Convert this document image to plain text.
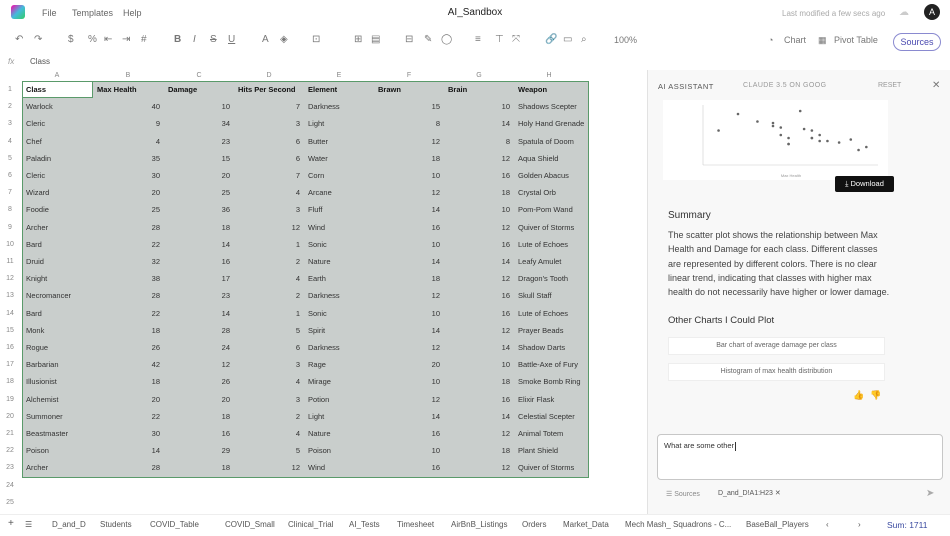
File Templates Help	AI_Sandbox	Last modified a few secs ago ☁	A
↶ ↷	$ % ⇤ ⇥ #	B I S U	A ◈ ⊡	⊞ ▤ ⊟ ✎ ◯ ≡ ⊤ ⤧	🔗 ▭ ⌕	100%	◔ Chart ▦ Pivot Table	Sources
fx Class
A	B	C	D	E	F	G	H
1
2
3
4
5
6
7
8
9
10
11
12
13
14
15
16
17
18
19
20
21
22
23
24
25
Class	Max Health	Damage	Hits Per Second	Element	Brawn	Brain	Weapon
Warlock	40	10	7 Darkness	15	10 Shadows Scepter
Cleric	9	34	3 Light	8	14 Holy Hand Grenade
Chef	4	23	6 Butter	12	8 Spatula of Doom
Paladin	35	15	6 Water	18	12 Aqua Shield
Cleric	30	20	7 Corn	10	16 Golden Abacus
Wizard	20	25	4 Arcane	12	18 Crystal Orb
Foodie	25	36	3 Fluff	14	10 Pom-Pom Wand
Archer	28	18	12 Wind	16	12 Quiver of Storms
Bard	22	14	1 Sonic	10	16 Lute of Echoes
Druid	32	16	2 Nature	14	14 Leafy Amulet
Knight	38	17	4 Earth	18	12 Dragon's Tooth
Necromancer	28	23	2 Darkness	12	16 Skull Staff
Bard	22	14	1 Sonic	10	16 Lute of Echoes
Monk	18	28	5 Spirit	14	12 Prayer Beads
Rogue	26	24	6 Darkness	12	14 Shadow Darts
Barbarian	42	12	3 Rage	20	10 Battle-Axe of Fury
Illusionist	18	26	4 Mirage	10	18 Smoke Bomb Ring
Alchemist	20	20	3 Potion	12	16 Elixir Flask
Summoner	22	18	2 Light	14	14 Celestial Scepter
Beastmaster	30	16	4 Nature	16	12 Animal Totem
Poison	14	29	5 Poison	10	18 Plant Shield
Archer	28	18	12 Wind	16	12 Quiver of Storms
AI ASSISTANT	CLAUDE 3.5 ON GOOG	RESET	✕
Max Health
⤓ Download
Summary
The scatter plot shows the relationship between Max Health and Damage for each class. Different classes are represented by different colors. There is no clear linear trend, indicating that classes with higher max health do not necessarily have higher or lower damage.
Other Charts I Could Plot
Bar chart of average damage per class
Histogram of max health distribution
👍 👎
What are some other
☰ Sources	D_and_D!A1:H23 ✕	➤
+ ☰ D_and_D Students COVID_Table	COVID_Small Clinical_Trial AI_Tests Timesheet AirBnB_Listings Orders Market_Data Mech Mash_ Squadrons - C... BaseBall_Players ‹	›	Sum: 1711
